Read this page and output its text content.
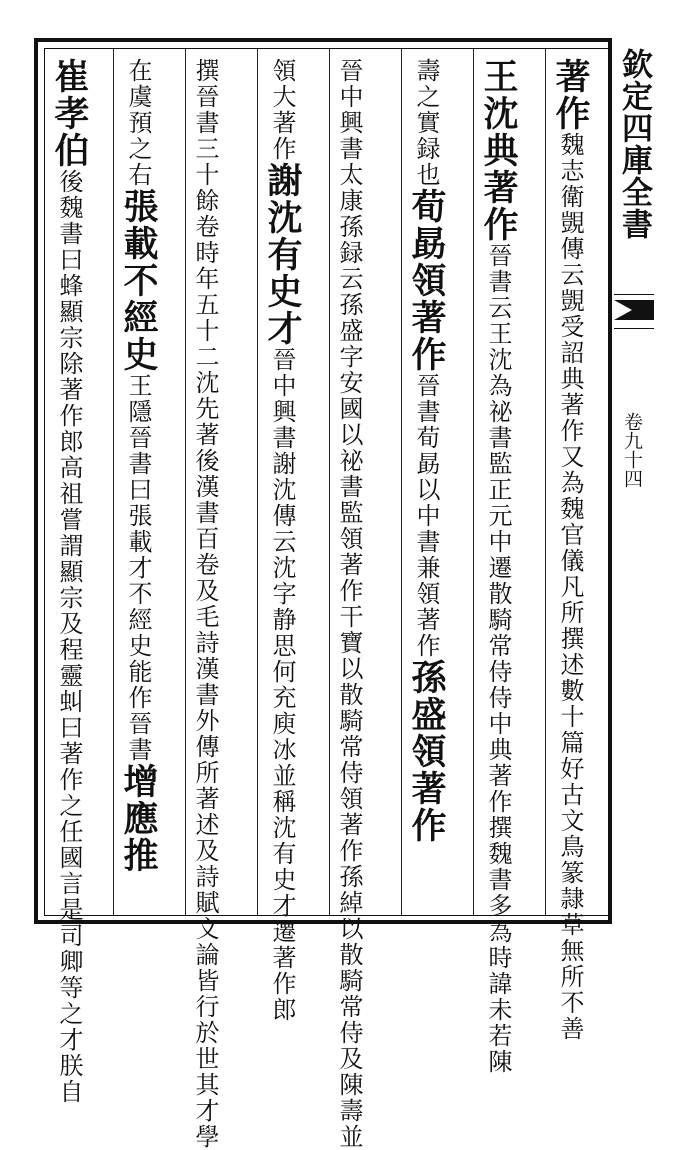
欽定四庫全書
卷九十四
著作魏志衛覬傳云覬受詔典著作又為魏官儀凡所撰述數十篇好古文鳥篆隷草無所不善
王沈典著作晉書云王沈為祕書監正元中遷散騎常侍侍中典著作撰魏書多為時諱未若陳
壽之實録也荀勗領著作晉書荀勗以中書兼領著作孫盛領著作
晉中興書太康孫録云孫盛字安國以祕書監領著作干寶以散騎常侍領著作孫綽以散騎常侍及陳壽並
領大著作謝沈有史才晉中興書謝沈傳云沈字静思何充庾冰並稱沈有史才遷著作郎
撰晉書三十餘卷時年五十二沈先著後漢書百卷及毛詩漢書外傳所著述及詩賦文論皆行於世其才學
在虞預之右張載不經史王隱晉書曰張載才不經史能作晉書增應推
崔孝伯後魏書曰蜂顯宗除著作郎高祖嘗謂顯宗及程靈虯曰著作之任國言是司卿等之才朕自
